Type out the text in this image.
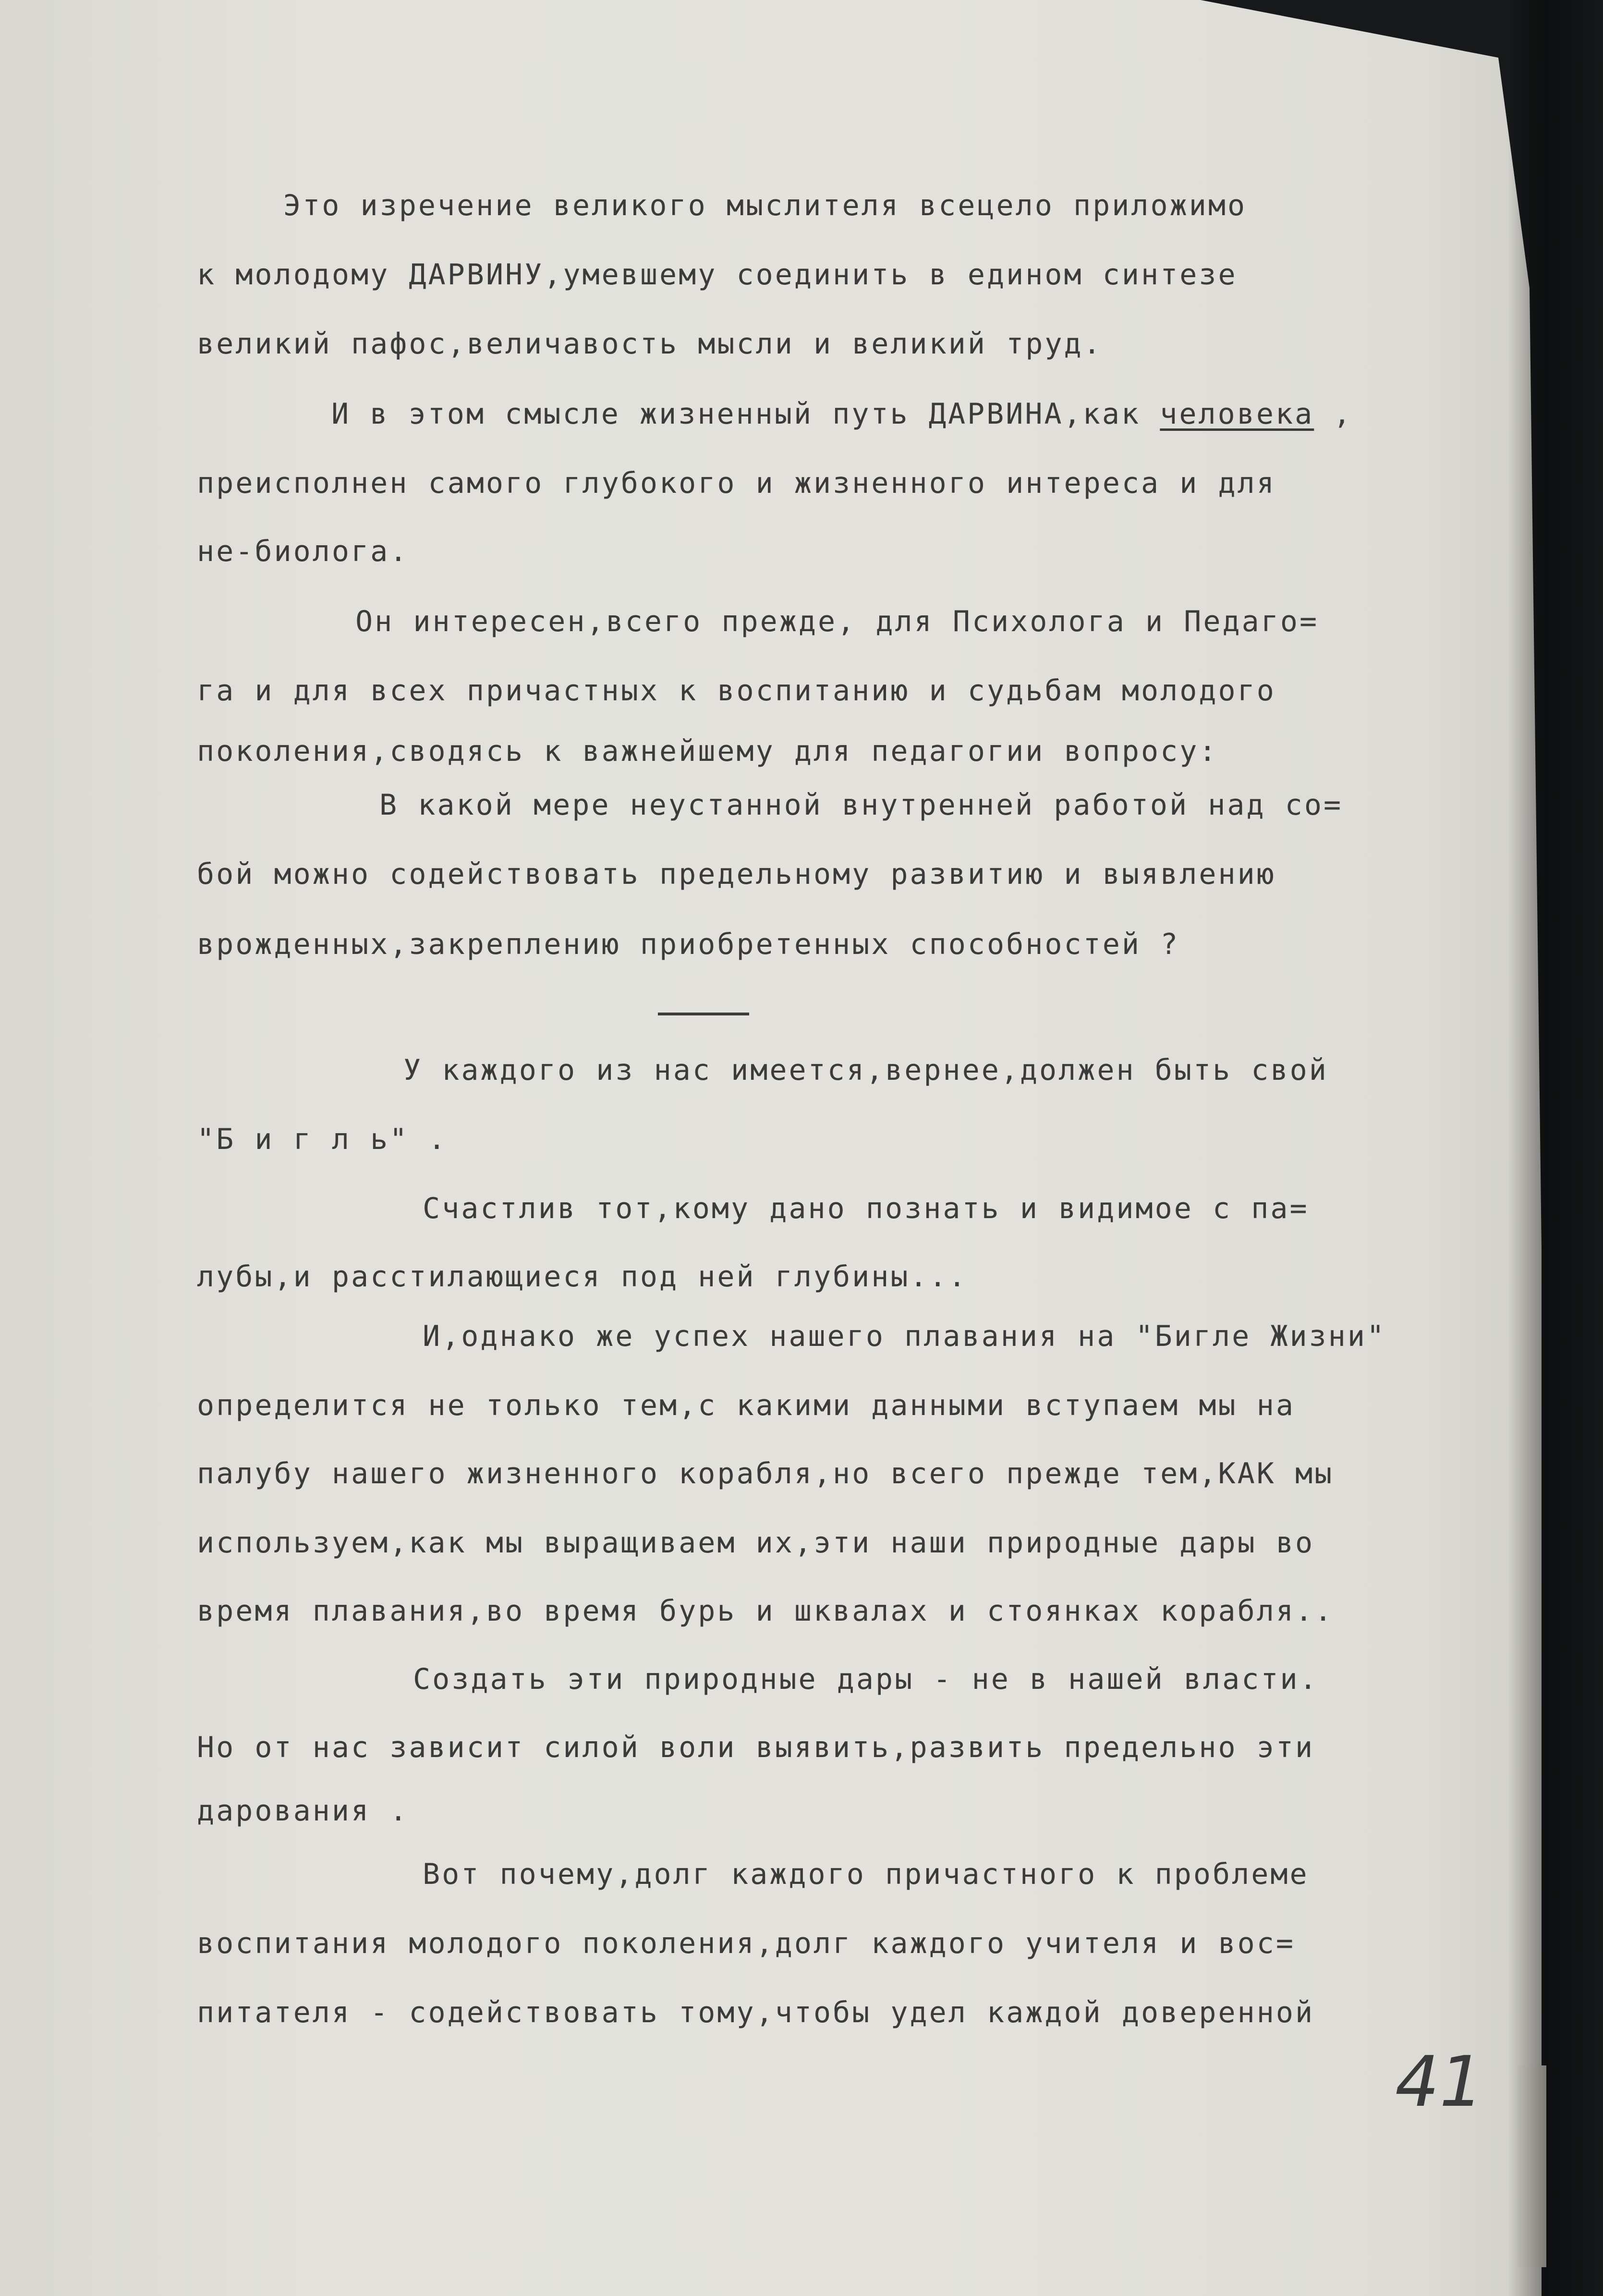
Это изречение великого мыслителя всецело приложимо
к молодому ДАРВИНУ,умевшему соединить в едином синтезе
великий пафос,величавость мысли и великий труд.
И в этом смысле жизненный путь ДАРВИНА,как человека ,
преисполнен самого глубокого и жизненного интереса и для
не-биолога.
Он интересен,всего прежде, для Психолога и Педаго=
га и для всех причастных к воспитанию и судьбам молодого
поколения,сводясь к важнейшему для педагогии вопросу:
В какой мере неустанной внутренней работой над со=
бой можно содействовать предельному развитию и выявлению
врожденных,закреплению приобретенных способностей ?
У каждого из нас имеется,вернее,должен быть свой
"Б и г л ь" .
Счастлив тот,кому дано познать и видимое с па=
лубы,и расстилающиеся под ней глубины...
И,однако же успех нашего плавания на "Бигле Жизни"
определится не только тем,с какими данными вступаем мы на
палубу нашего жизненного корабля,но всего прежде тем,КАК мы
используем,как мы выращиваем их,эти наши природные дары во
время плавания,во время бурь и шквалах и стоянках корабля..
Создать эти природные дары - не в нашей власти.
Но от нас зависит силой воли выявить,развить предельно эти
дарования .
Вот почему,долг каждого причастного к проблеме
воспитания молодого поколения,долг каждого учителя и вос=
питателя - содействовать тому,чтобы удел каждой доверенной
41
